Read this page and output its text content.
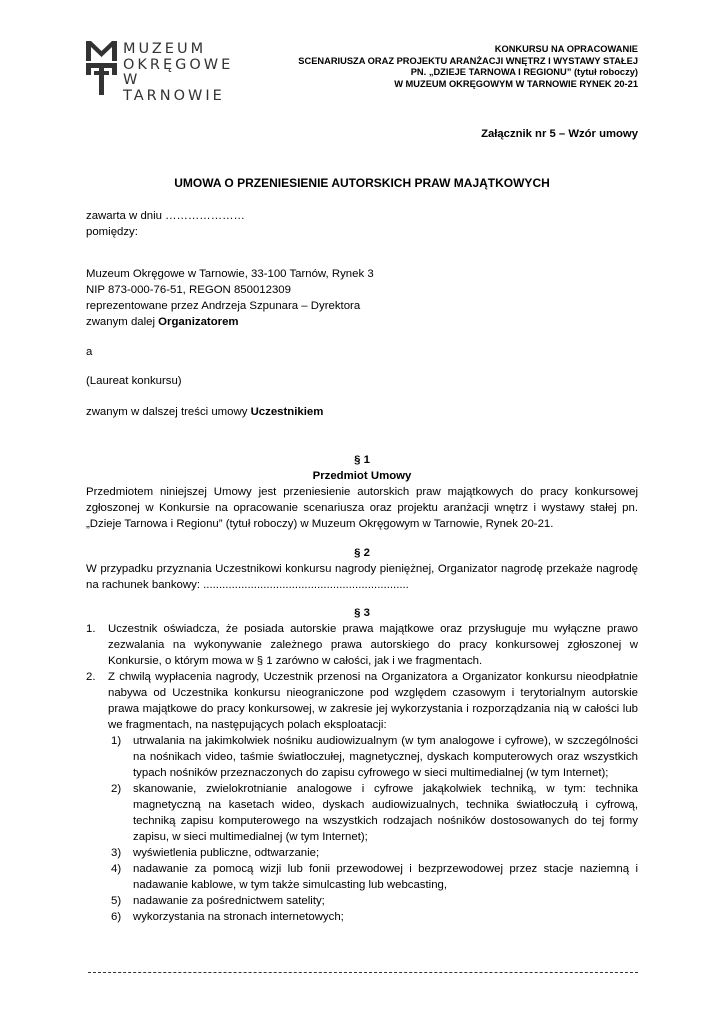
MUZEUM
OKRĘGOWE
W TARNOWIE
KONKURSU NA OPRACOWANIE
SCENARIUSZA ORAZ PROJEKTU ARANŻACJI WNĘTRZ I WYSTAWY STAŁEJ
PN. „DZIEJE TARNOWA I REGIONU” (tytuł roboczy)
W MUZEUM OKRĘGOWYM W TARNOWIE RYNEK 20-21
Załącznik nr 5 – Wzór umowy
UMOWA O PRZENIESIENIE AUTORSKICH PRAW MAJĄTKOWYCH
zawarta w dniu …………………
pomiędzy:
Muzeum Okręgowe w Tarnowie, 33-100 Tarnów, Rynek 3
NIP 873-000-76-51, REGON 850012309
reprezentowane przez Andrzeja Szpunara – Dyrektora
zwanym dalej Organizatorem
a
(Laureat konkursu)
zwanym w dalszej treści umowy Uczestnikiem
§ 1
Przedmiot Umowy
Przedmiotem niniejszej Umowy jest przeniesienie autorskich praw majątkowych do pracy konkursowej zgłoszonej w Konkursie na opracowanie scenariusza oraz projektu aranżacji wnętrz i wystawy stałej pn. „Dzieje Tarnowa i Regionu” (tytuł roboczy) w Muzeum Okręgowym w Tarnowie, Rynek 20-21.
§ 2
W przypadku przyznania Uczestnikowi konkursu nagrody pieniężnej, Organizator nagrodę przekaże nagrodę na rachunek bankowy: .................................................................
§ 3
1. Uczestnik oświadcza, że posiada autorskie prawa majątkowe oraz przysługuje mu wyłączne prawo zezwalania na wykonywanie zależnego prawa autorskiego do pracy konkursowej zgłoszonej w Konkursie, o którym mowa w § 1 zarówno w całości, jak i we fragmentach.
2. Z chwilą wypłacenia nagrody, Uczestnik przenosi na Organizatora a Organizator konkursu nieodpłatnie nabywa od Uczestnika konkursu nieograniczone pod względem czasowym i terytorialnym autorskie prawa majątkowe do pracy konkursowej, w zakresie jej wykorzystania i rozporządzania nią w całości lub we fragmentach, na następujących polach eksploatacji:
1) utrwalania na jakimkolwiek nośniku audiowizualnym (w tym analogowe i cyfrowe), w szczególności na nośnikach video, taśmie światłoczułej, magnetycznej, dyskach komputerowych oraz wszystkich typach nośników przeznaczonych do zapisu cyfrowego w sieci multimedialnej (w tym Internet);
2) skanowanie, zwielokrotnianie analogowe i cyfrowe jakąkolwiek techniką, w tym: technika magnetyczną na kasetach wideo, dyskach audiowizualnych, technika światłoczułą i cyfrową, techniką zapisu komputerowego na wszystkich rodzajach nośników dostosowanych do tej formy zapisu, w sieci multimedialnej (w tym Internet);
3) wyświetlenia publiczne, odtwarzanie;
4) nadawanie za pomocą wizji lub fonii przewodowej i bezprzewodowej przez stacje naziemną i nadawanie kablowe, w tym także simulcasting lub webcasting,
5) nadawanie za pośrednictwem satelity;
6) wykorzystania na stronach internetowych;
